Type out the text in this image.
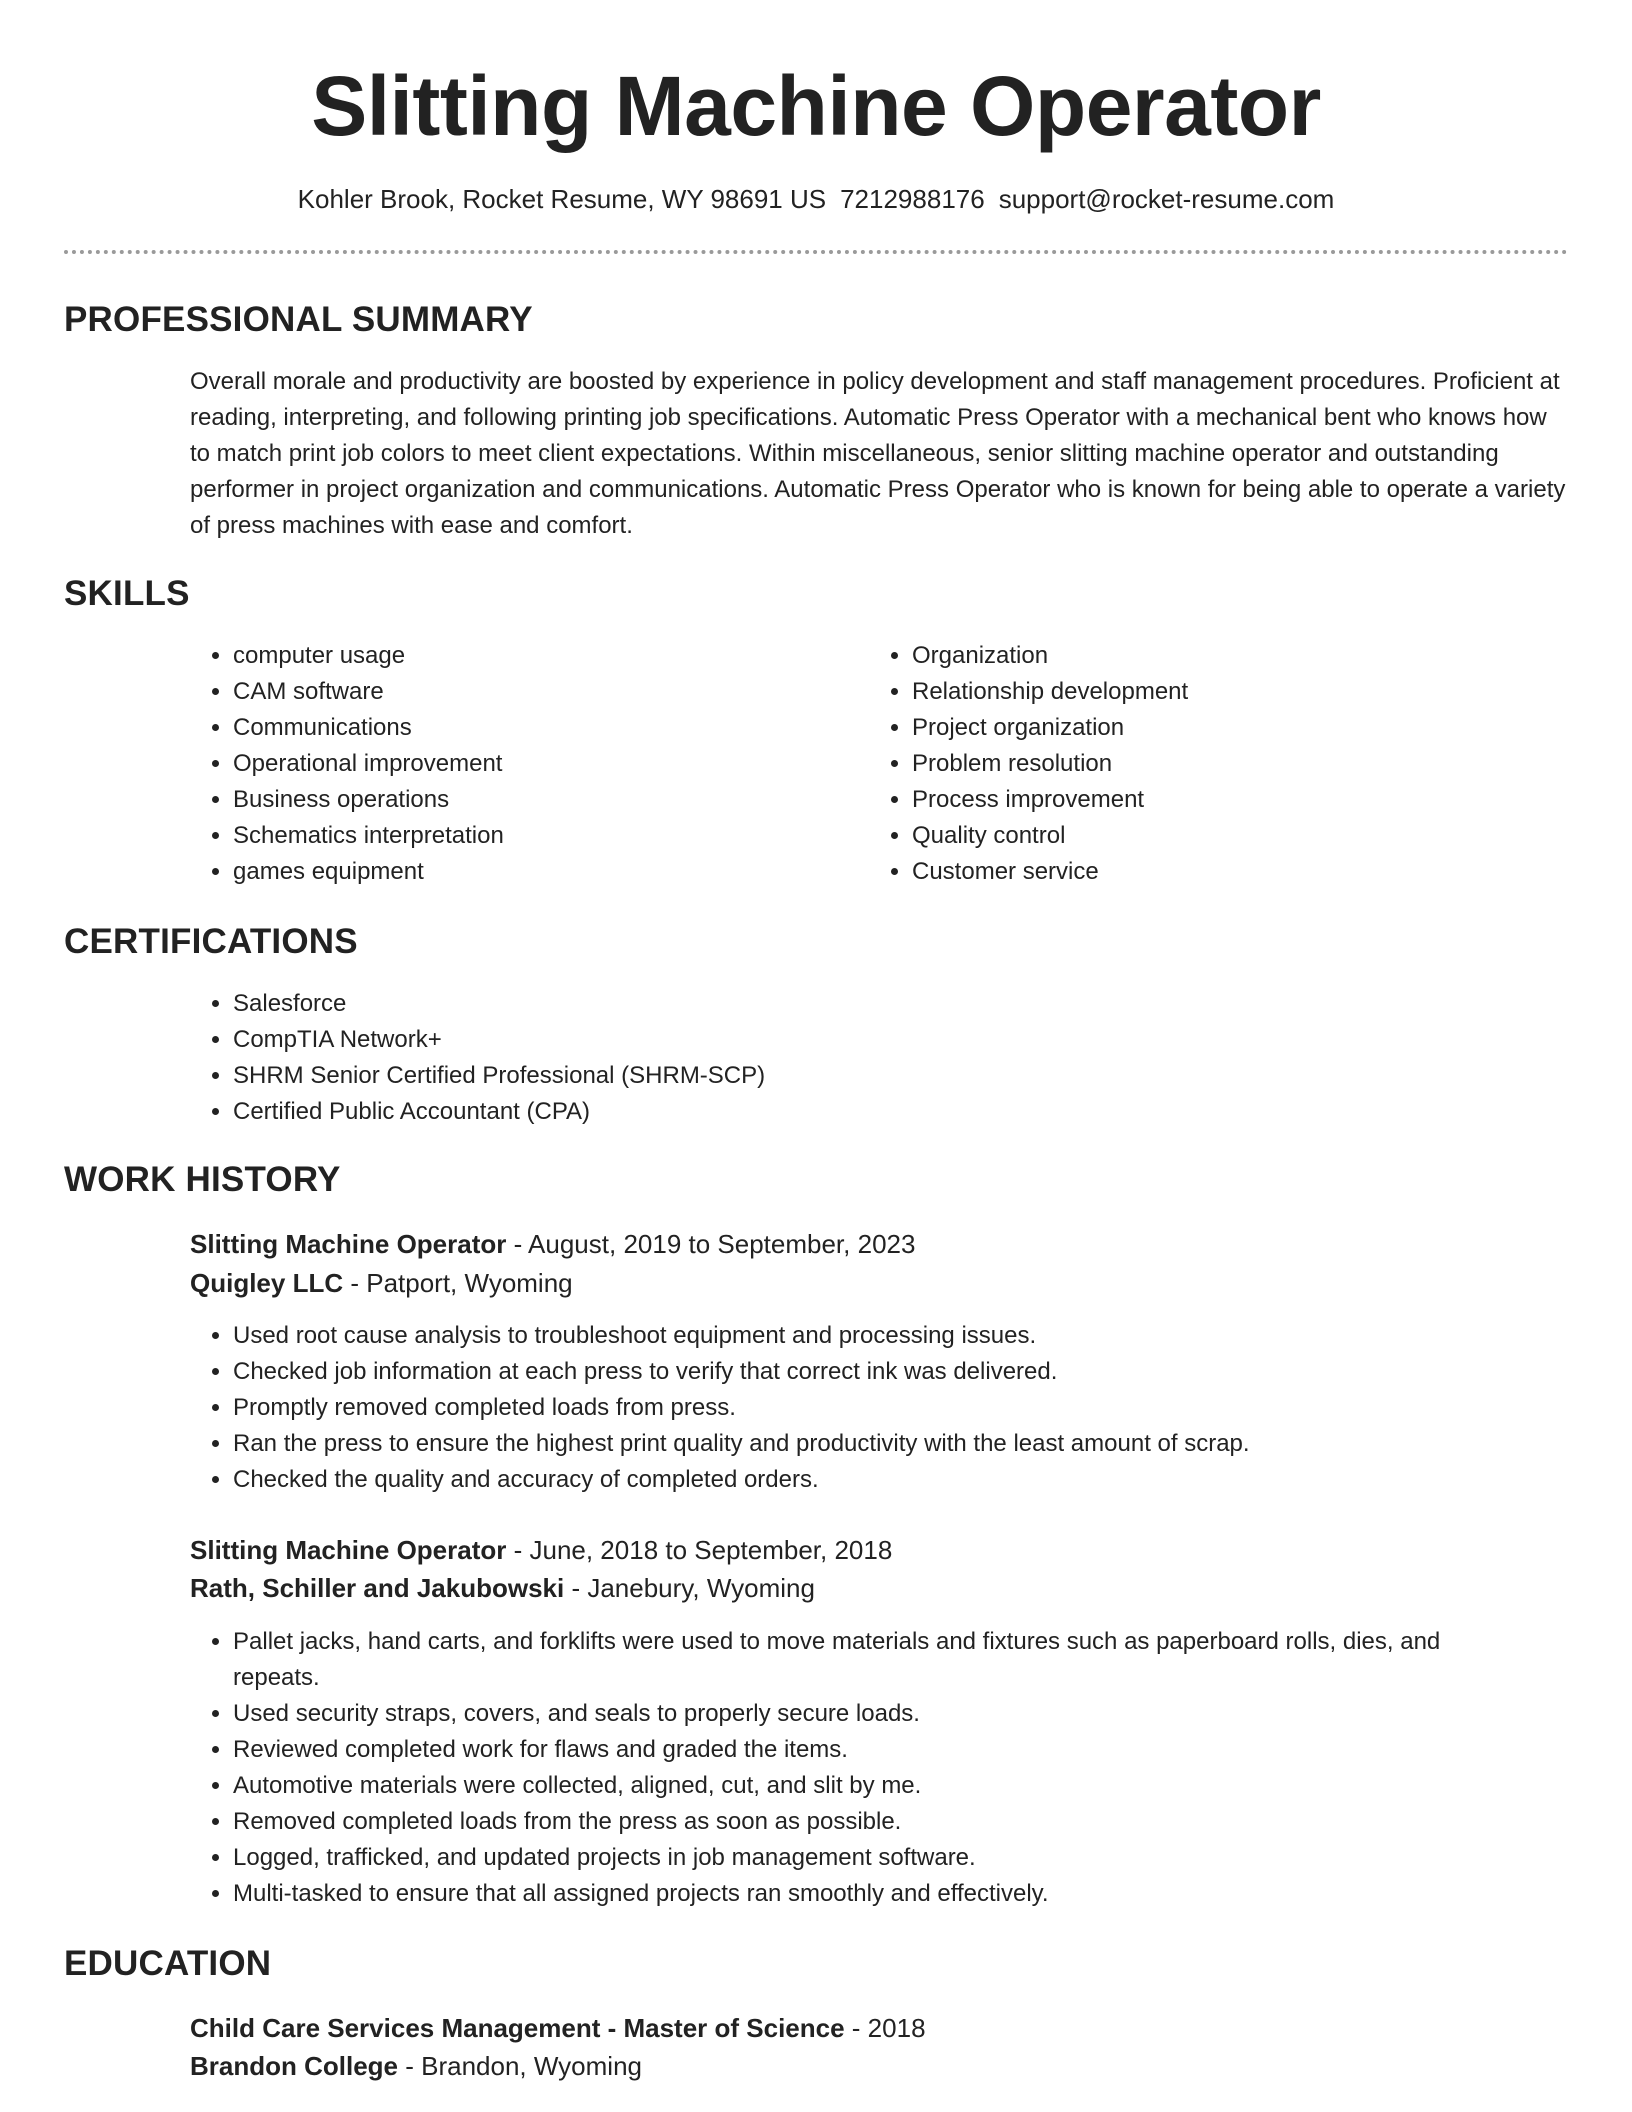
Slitting Machine Operator
Kohler Brook, Rocket Resume, WY 98691 US 7212988176 support@rocket-resume.com
PROFESSIONAL SUMMARY
Overall morale and productivity are boosted by experience in policy development and staff management procedures. Proficient at reading, interpreting, and following printing job specifications. Automatic Press Operator with a mechanical bent who knows how to match print job colors to meet client expectations. Within miscellaneous, senior slitting machine operator and outstanding performer in project organization and communications. Automatic Press Operator who is known for being able to operate a variety of press machines with ease and comfort.
SKILLS
• computer usage
• CAM software
• Communications
• Operational improvement
• Business operations
• Schematics interpretation
• games equipment
• Organization
• Relationship development
• Project organization
• Problem resolution
• Process improvement
• Quality control
• Customer service
CERTIFICATIONS
• Salesforce
• CompTIA Network+
• SHRM Senior Certified Professional (SHRM-SCP)
• Certified Public Accountant (CPA)
WORK HISTORY
Slitting Machine Operator - August, 2019 to September, 2023
Quigley LLC - Patport, Wyoming
• Used root cause analysis to troubleshoot equipment and processing issues.
• Checked job information at each press to verify that correct ink was delivered.
• Promptly removed completed loads from press.
• Ran the press to ensure the highest print quality and productivity with the least amount of scrap.
• Checked the quality and accuracy of completed orders.
Slitting Machine Operator - June, 2018 to September, 2018
Rath, Schiller and Jakubowski - Janebury, Wyoming
• Pallet jacks, hand carts, and forklifts were used to move materials and fixtures such as paperboard rolls, dies, and repeats.
• Used security straps, covers, and seals to properly secure loads.
• Reviewed completed work for flaws and graded the items.
• Automotive materials were collected, aligned, cut, and slit by me.
• Removed completed loads from the press as soon as possible.
• Logged, trafficked, and updated projects in job management software.
• Multi-tasked to ensure that all assigned projects ran smoothly and effectively.
EDUCATION
Child Care Services Management - Master of Science - 2018
Brandon College - Brandon, Wyoming
